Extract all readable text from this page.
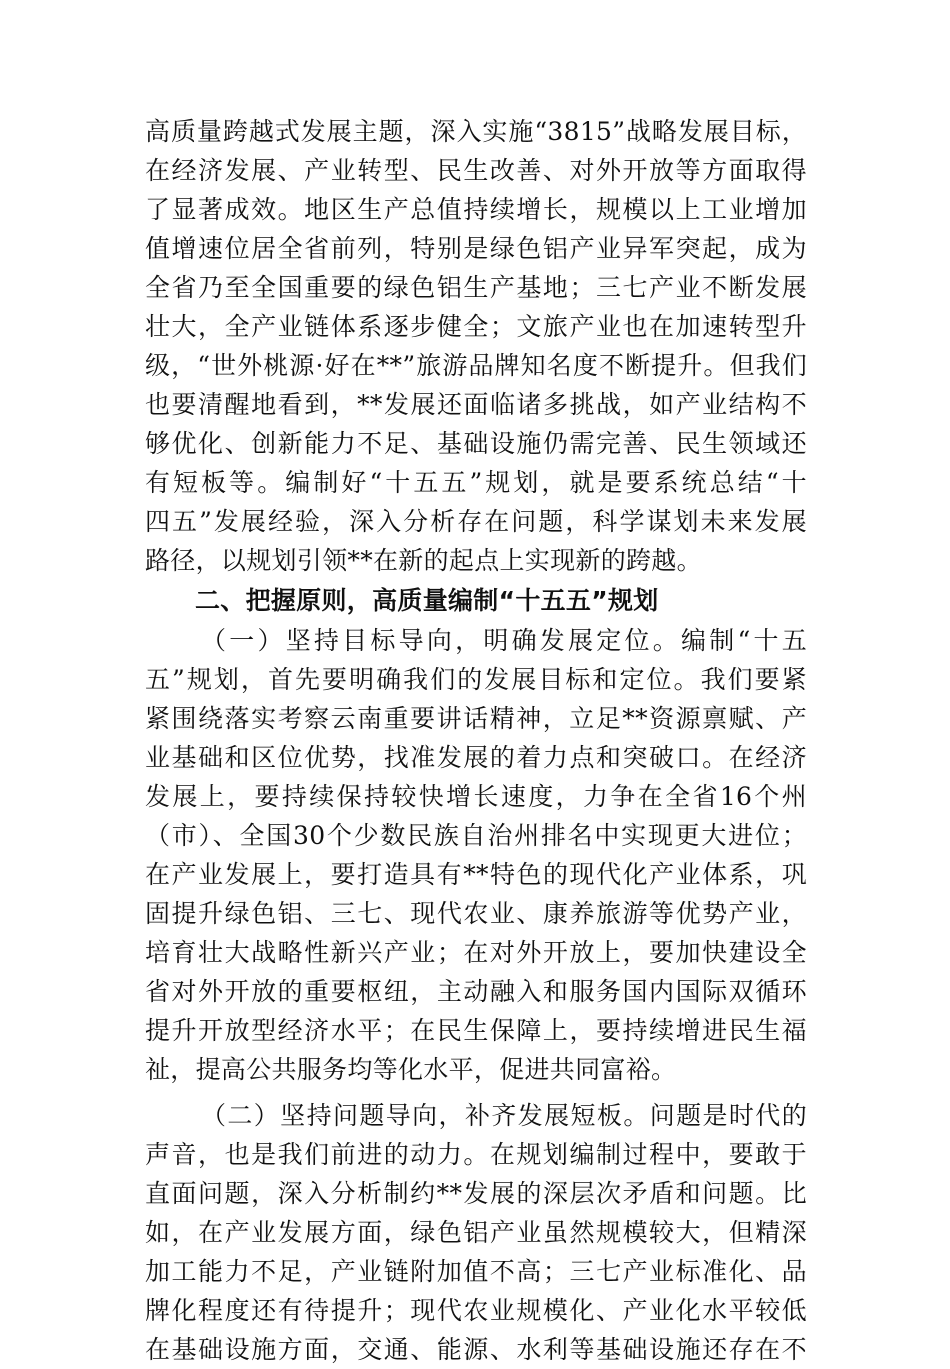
高质量跨越式发展主题，深入实施“3815”战略发展目标，
在经济发展、产业转型、民生改善、对外开放等方面取得
了显著成效。地区生产总值持续增长，规模以上工业增加
值增速位居全省前列，特别是绿色铝产业异军突起，成为
全省乃至全国重要的绿色铝生产基地；三七产业不断发展
壮大，全产业链体系逐步健全；文旅产业也在加速转型升
级，“世外桃源·好在**”旅游品牌知名度不断提升。但我们
也要清醒地看到，**发展还面临诸多挑战，如产业结构不
够优化、创新能力不足、基础设施仍需完善、民生领域还
有短板等。编制好“十五五”规划，就是要系统总结“十
四五”发展经验，深入分析存在问题，科学谋划未来发展
路径，以规划引领**在新的起点上实现新的跨越。
二、把握原则，高质量编制“十五五”规划
（一）坚持目标导向，明确发展定位。编制“十五
五”规划，首先要明确我们的发展目标和定位。我们要紧
紧围绕落实考察云南重要讲话精神，立足**资源禀赋、产
业基础和区位优势，找准发展的着力点和突破口。在经济
发展上，要持续保持较快增长速度，力争在全省16个州
（市）、全国30个少数民族自治州排名中实现更大进位；
在产业发展上，要打造具有**特色的现代化产业体系，巩
固提升绿色铝、三七、现代农业、康养旅游等优势产业，
培育壮大战略性新兴产业；在对外开放上，要加快建设全
省对外开放的重要枢纽，主动融入和服务国内国际双循环
提升开放型经济水平；在民生保障上，要持续增进民生福
祉，提高公共服务均等化水平，促进共同富裕。
（二）坚持问题导向，补齐发展短板。问题是时代的
声音，也是我们前进的动力。在规划编制过程中，要敢于
直面问题，深入分析制约**发展的深层次矛盾和问题。比
如，在产业发展方面，绿色铝产业虽然规模较大，但精深
加工能力不足，产业链附加值不高；三七产业标准化、品
牌化程度还有待提升；现代农业规模化、产业化水平较低
在基础设施方面，交通、能源、水利等基础设施还存在不
